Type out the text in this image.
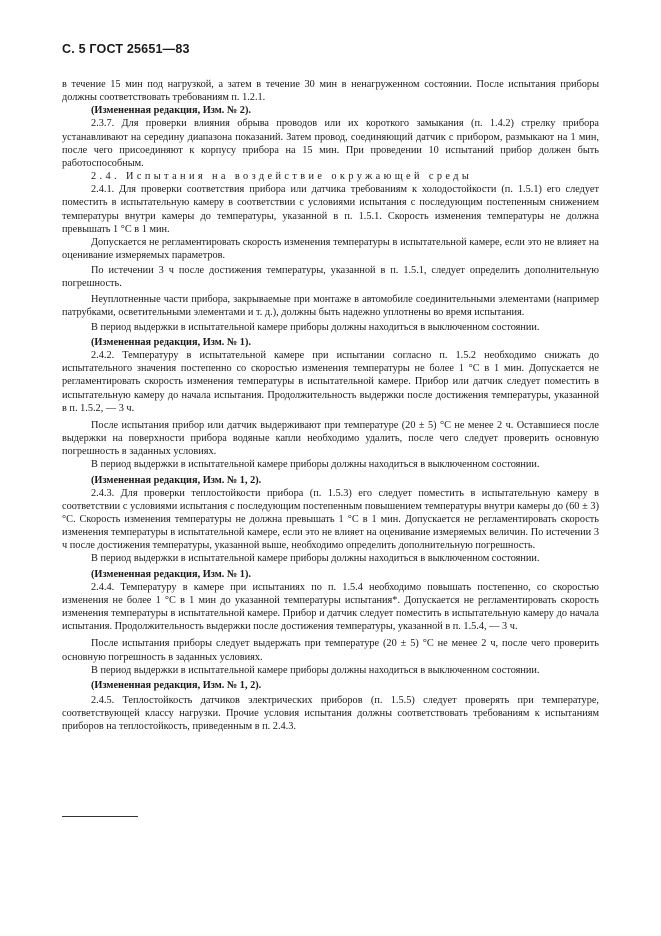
С. 5 ГОСТ 25651—83

в течение 15 мин под нагрузкой, а затем в течение 30 мин в ненагруженном состоянии. После испытания приборы должны соответствовать требованиям п. 1.2.1.

(Измененная редакция, Изм. № 2).

2.3.7. Для проверки влияния обрыва проводов или их короткого замыкания (п. 1.4.2) стрелку прибора устанавливают на середину диапазона показаний. Затем провод, соединяющий датчик с прибором, размыкают на 1 мин, после чего присоединяют к корпусу прибора на 15 мин. При проведении 10 испытаний прибор должен быть работоспособным.

2.4. Испытания на воздействие окружающей среды

2.4.1. Для проверки соответствия прибора или датчика требованиям к холодостойкости (п. 1.5.1) его следует поместить в испытательную камеру в соответствии с условиями испытания с последующим постепенным снижением температуры внутри камеры до температуры, указанной в п. 1.5.1. Скорость изменения температуры не должна превышать 1 °С в 1 мин.

Допускается не регламентировать скорость изменения температуры в испытательной камере, если это не влияет на оценивание измеряемых параметров.

По истечении 3 ч после достижения температуры, указанной в п. 1.5.1, следует определить дополнительную погрешность.

Неуплотненные части прибора, закрываемые при монтаже в автомобиле соединительными элементами (например патрубками, осветительными элементами и т. д.), должны быть надежно уплотнены во время испытания.

В период выдержки в испытательной камере приборы должны находиться в выключенном состоянии.

(Измененная редакция, Изм. № 1).

2.4.2. Температуру в испытательной камере при испытании согласно п. 1.5.2 необходимо снижать до испытательного значения постепенно со скоростью изменения температуры не более 1 °С в 1 мин. Допускается не регламентировать скорость изменения температуры в испытательной камере. Прибор или датчик следует поместить в испытательную камеру до начала испытания. Продолжительность выдержки после достижения температуры, указанной в п. 1.5.2, — 3 ч.

После испытания прибор или датчик выдерживают при температуре (20 ± 5) °С не менее 2 ч. Оставшиеся после выдержки на поверхности прибора водяные капли необходимо удалить, после чего следует проверить основную погрешность в заданных условиях.

В период выдержки в испытательной камере приборы должны находиться в выключенном состоянии.

(Измененная редакция, Изм. № 1, 2).

2.4.3. Для проверки теплостойкости прибора (п. 1.5.3) его следует поместить в испытательную камеру в соответствии с условиями испытания с последующим постепенным повышением температуры внутри камеры до (60 ± 3) °С. Скорость изменения температуры не должна превышать 1 °С в 1 мин. Допускается не регламентировать скорость изменения температуры в испытательной камере, если это не влияет на оценивание измеряемых величин. По истечении 3 ч после достижения температуры, указанной выше, необходимо определить дополнительную погрешность.

В период выдержки в испытательной камере приборы должны находиться в выключенном состоянии.

(Измененная редакция, Изм. № 1).

2.4.4. Температуру в камере при испытаниях по п. 1.5.4 необходимо повышать постепенно, со скоростью изменения не более 1 °С в 1 мин до указанной температуры испытания*. Допускается не регламентировать скорость изменения температуры в испытательной камере. Прибор и датчик следует поместить в испытательную камеру до начала испытания. Продолжительность выдержки после достижения температуры, указанной в п. 1.5.4, — 3 ч.

После испытания приборы следует выдержать при температуре (20 ± 5) °С не менее 2 ч, после чего проверить основную погрешность в заданных условиях.

В период выдержки в испытательной камере приборы должны находиться в выключенном состоянии.

(Измененная редакция, Изм. № 1, 2).

2.4.5. Теплостойкость датчиков электрических приборов (п. 1.5.5) следует проверять при температуре, соответствующей классу нагрузки. Прочие условия испытания должны соответствовать требованиям к испытаниям приборов на теплостойкость, приведенным в п. 2.4.3.
